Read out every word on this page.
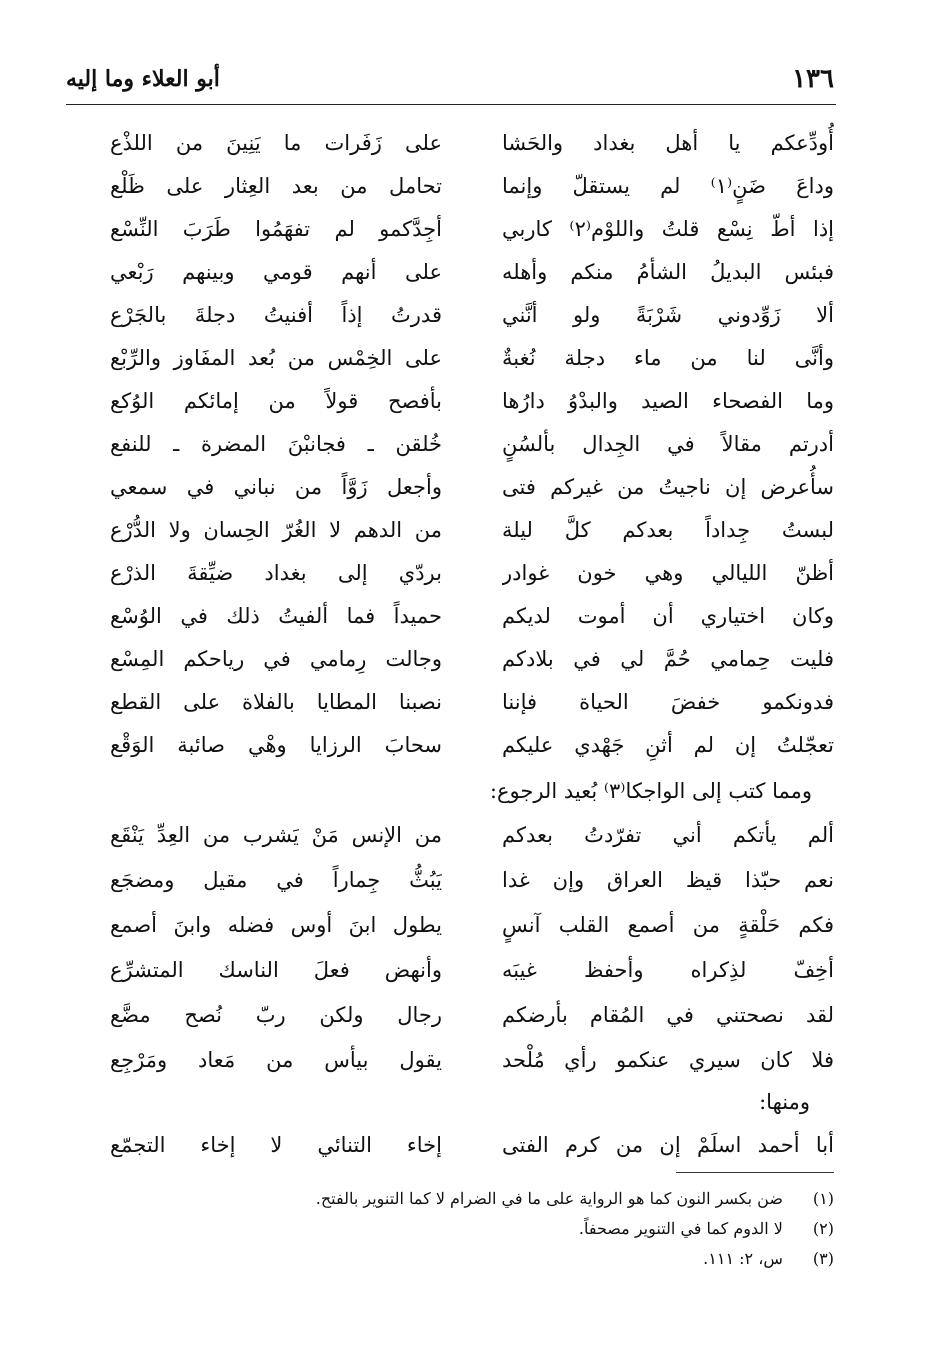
١٣٦
أبو العلاء وما إليه
أُودِّعكم يا أهل بغداد والحَشا
على زَفَرات ما يَنِينَ من اللذْع
وداعَ ضَنٍ⁽١⁾ لم يستقلّ وإنما
تحامل من بعد العِثار على ظَلْع
إذا أطّ نِسْع قلتُ واللوْم⁽٢⁾ كاربي
أجِدَّكمو لم تفهَمُوا طَرَبَ النِّسْع
فبئس البديلُ الشأمُ منكم وأهله
على أنهم قومي وبينهم رَبْعي
ألا زَوِّدوني شَرْبَةً ولو أنَّني
قدرتُ إذاً أفنيتُ دجلةَ بالجَرْع
وأنَّى لنا من ماء دجلة نُغبةٌ
على الخِمْس من بُعد المفَاوز والرِّبْع
وما الفصحاء الصيد والبدْوُ دارُها
بأفصح قولاً من إمائكم الوُكع
أدرتم مقالاً في الجِدال بألسُنٍ
خُلقن ـ فجانبْنَ المضرة ـ للنفع
سأُعرض إن ناجيتُ من غيركم فتى
وأجعل زَوَّاً من نباني في سمعي
لبستُ جِداداً بعدكم كلَّ ليلة
من الدهم لا الغُرّ الحِسان ولا الدُّرْع
أظنّ الليالي وهي خون غوادر
بردّي إلى بغداد ضيِّقةَ الذرْع
وكان اختياري أن أموت لديكم
حميداً فما ألفيتُ ذلك في الوُسْع
فليت حِمامي حُمَّ لي في بلادكم
وجالت رِمامي في رياحكم المِسْع
فدونكمو خفضَ الحياة فإننا
نصبنا المطايا بالفلاة على القطع
تعجّلتُ إن لم أثنِ جَهْدي عليكم
سحابَ الرزايا وهْي صائبة الوَقْع
ومما كتب إلى الواجكا⁽٣⁾ بُعيد الرجوع:
ألم يأتكم أني تفرّدتُ بعدكم
من الإنس مَنْ يَشرب من العِدِّ يَنْقَع
نعم حبّذا قيظ العراق وإن غدا
يَبُثُّ جِماراً في مقيل ومضجَع
فكم حَلْقةٍ من أصمع القلب آنسٍ
يطول ابنَ أوس فضله وابنَ أصمع
أخِفّ لذِكراه وأحفظ غيبَه
وأنهض فعلَ الناسك المتشرِّع
لقد نصحتني في المُقام بأرضكم
رجال ولكن ربّ نُصح مضَّع
فلا كان سيري عنكمو رأي مُلْحد
يقول بيأس من مَعاد ومَرْجِع
ومنها:
أبا أحمد اسلَمْ إن من كرم الفتى
إخاء التنائي لا إخاء التجمّع
(١) ضن بكسر النون كما هو الرواية على ما في الضرام لا كما التنوير بالفتح.
(٢) لا الدوم كما في التنوير مصحفاً.
(٣) س، ٢: ١١١.
